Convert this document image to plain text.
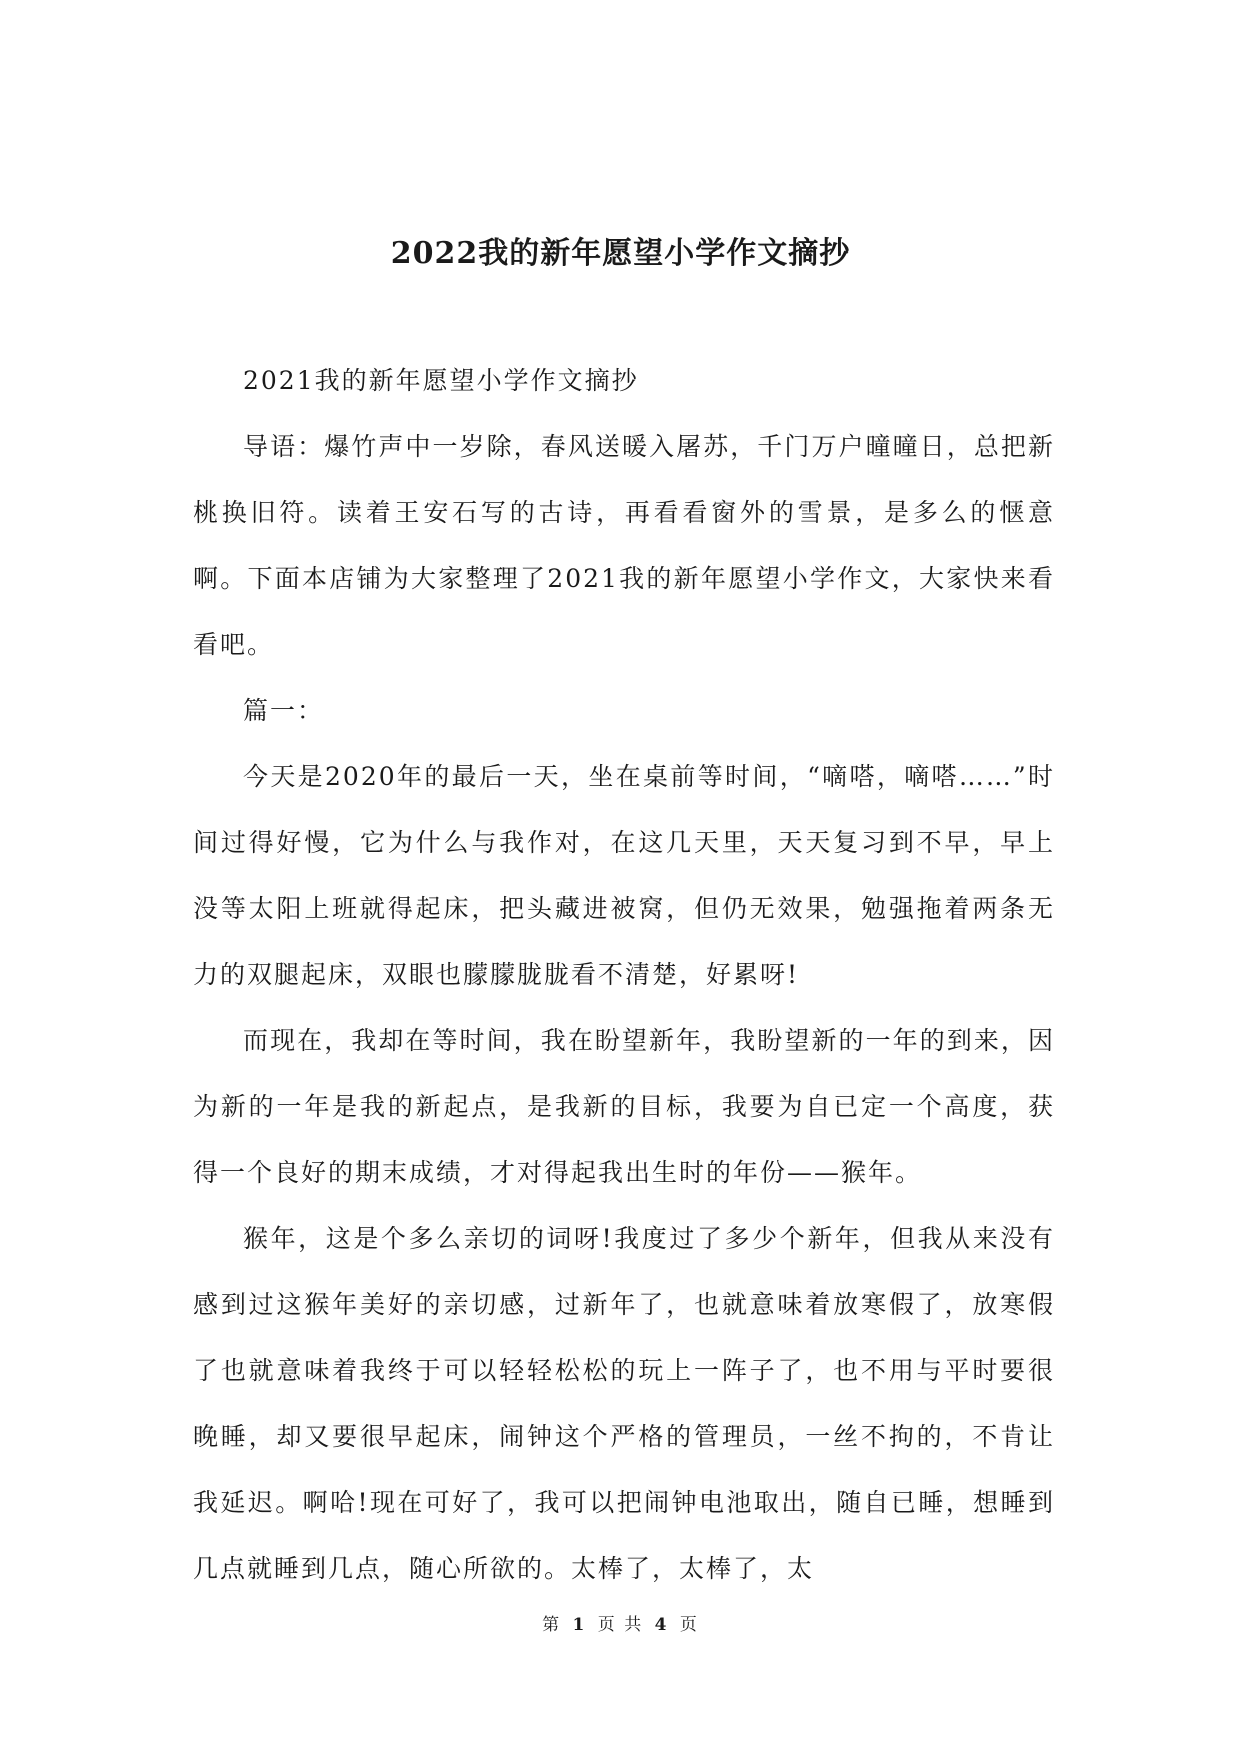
2022我的新年愿望小学作文摘抄

2021我的新年愿望小学作文摘抄

导语：爆竹声中一岁除，春风送暖入屠苏，千门万户曈曈日，总把新桃换旧符。读着王安石写的古诗，再看看窗外的雪景，是多么的惬意啊。下面本店铺为大家整理了2021我的新年愿望小学作文，大家快来看看吧。

篇一：

今天是2020年的最后一天，坐在桌前等时间，“嘀嗒，嘀嗒……”时间过得好慢，它为什么与我作对，在这几天里，天天复习到不早，早上没等太阳上班就得起床，把头藏进被窝，但仍无效果，勉强拖着两条无力的双腿起床，双眼也朦朦胧胧看不清楚，好累呀!

而现在，我却在等时间，我在盼望新年，我盼望新的一年的到来，因为新的一年是我的新起点，是我新的目标，我要为自已定一个高度，获得一个良好的期末成绩，才对得起我出生时的年份——猴年。

猴年，这是个多么亲切的词呀!我度过了多少个新年，但我从来没有感到过这猴年美好的亲切感，过新年了，也就意味着放寒假了，放寒假了也就意味着我终于可以轻轻松松的玩上一阵子了，也不用与平时要很晚睡，却又要很早起床，闹钟这个严格的管理员，一丝不拘的，不肯让我延迟。啊哈!现在可好了，我可以把闹钟电池取出，随自已睡，想睡到几点就睡到几点，随心所欲的。太棒了，太棒了，太

第 1 页 共 4 页
